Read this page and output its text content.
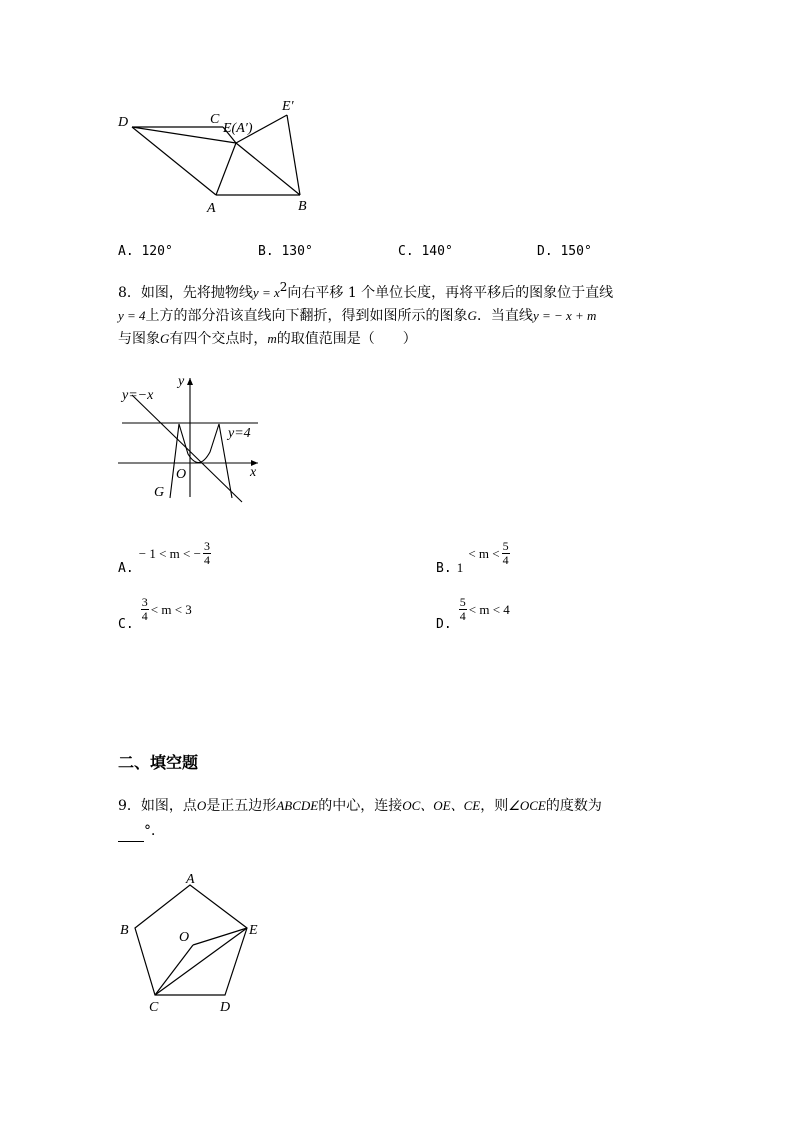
D	C
E(A′)
E′
A	B
A. 120°	B. 130°	C. 140°	D. 150°
8．如图，先将抛物线y = x2向右平移 1 个单位长度，再将平移后的图象位于直线
y = 4上方的部分沿该直线向下翻折，得到如图所示的图象G．当直线y = − x + m
与图象G有四个交点时，m的取值范围是（　　）
y
x
O
G
y=−x
y=4
$_{A.}$ − 1 < m < − $\frac{3}{4}$
$_{B.}$ $_1 < m < \frac{5}{4}$
$_{C.}$
$\frac{3}{4} < m < 3$
$_{D.}$
$\frac{5}{4} < m < 4$
二、填空题
9．如图，点O是正五边形ABCDE的中心，连接OC、OE、CE，则∠OCE的度数为
°．
A
B
C	D
E
O
